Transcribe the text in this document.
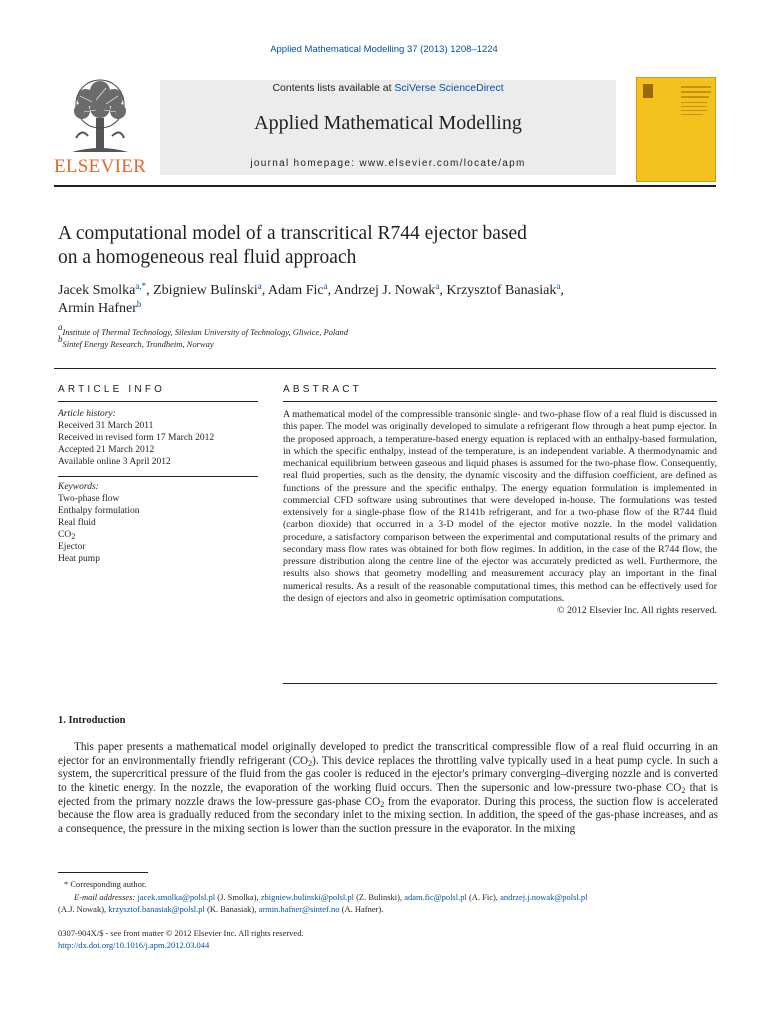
Applied Mathematical Modelling 37 (2013) 1208–1224
ELSEVIER
Contents lists available at SciVerse ScienceDirect
Applied Mathematical Modelling
journal homepage: www.elsevier.com/locate/apm
A computational model of a transcritical R744 ejector based
on a homogeneous real fluid approach
Jacek Smolka$^{a,*}$, Zbigniew Bulinski$^a$, Adam Fic$^a$, Andrzej J. Nowak$^a$, Krzysztof Banasiak$^a$,
Armin Hafner$^b$
$^a$Institute of Thermal Technology, Silesian University of Technology, Gliwice, Poland
$^b$Sintef Energy Research, Trondheim, Norway
ARTICLE INFO
Article history:
Received 31 March 2011
Received in revised form 17 March 2012
Accepted 21 March 2012
Available online 3 April 2012
Keywords:
Two-phase flow
Enthalpy formulation
Real fluid
$CO_2$
Ejector
Heat pump
ABSTRACT
A mathematical model of the compressible transonic single- and two-phase flow of a real fluid is discussed in this paper. The model was originally developed to simulate a refrigerant flow through a heat pump ejector. In the proposed approach, a temperature-based energy equation is replaced with an enthalpy-based formulation, in which the specific enthalpy, instead of the temperature, is an independent variable. A thermodynamic and mechanical equilibrium between gaseous and liquid phases is assumed for the two-phase flow. Consequently, real fluid properties, such as the density, the dynamic viscosity and the diffusion coefficient, are defined as functions of the pressure and the specific enthalpy. The energy equation formulation is implemented in commercial CFD software using subroutines that were developed in-house. The formulations was tested extensively for a single-phase flow of the R141b refrigerant, and for a two-phase flow of the R744 fluid (carbon dioxide) that occurred in a 3-D model of the ejector motive nozzle. In the model validation procedure, a satisfactory comparison between the experimental and computational results of the primary and secondary mass flow rates was obtained for both flow regimes. In addition, in the case of the R744 flow, the pressure distribution along the centre line of the ejector was accurately predicted as well. Furthermore, the results also shows that geometry modelling and measurement accuracy play an important in the final numerical results. As a result of the reasonable computational times, this method can be effectively used for the design of ejectors and also in geometric optimisation computations.
© 2012 Elsevier Inc. All rights reserved.
1. Introduction
This paper presents a mathematical model originally developed to predict the transcritical compressible flow of a real fluid occurring in an ejector for an environmentally friendly refrigerant $(CO_2)$. This device replaces the throttling valve typically used in a heat pump cycle. In such a system, the supercritical pressure of the fluid from the gas cooler is reduced in the ejector's primary converging–diverging nozzle and is converted to the kinetic energy. In the nozzle, the evaporation of the working fluid occurs. Then the supersonic and low-pressure two-phase $CO_2$ that is ejected from the primary nozzle draws the low-pressure gas-phase $CO_2$ from the evaporator. During this process, the suction flow is accelerated because the flow area is gradually reduced from the secondary inlet to the mixing section. In addition, the speed of the gas-phase increases, and as a consequence, the pressure in the mixing section is lower than the suction pressure in the evaporator. In the mixing
* Corresponding author.
E-mail addresses: jacek.smolka@polsl.pl (J. Smolka), zbigniew.bulinski@polsl.pl (Z. Bulinski), adam.fic@polsl.pl (A. Fic), andrzej.j.nowak@polsl.pl
(A.J. Nowak), krzysztof.banasiak@polsl.pl (K. Banasiak), armin.hafner@sintef.no (A. Hafner).
0307-904X/$ - see front matter © 2012 Elsevier Inc. All rights reserved.
http://dx.doi.org/10.1016/j.apm.2012.03.044
